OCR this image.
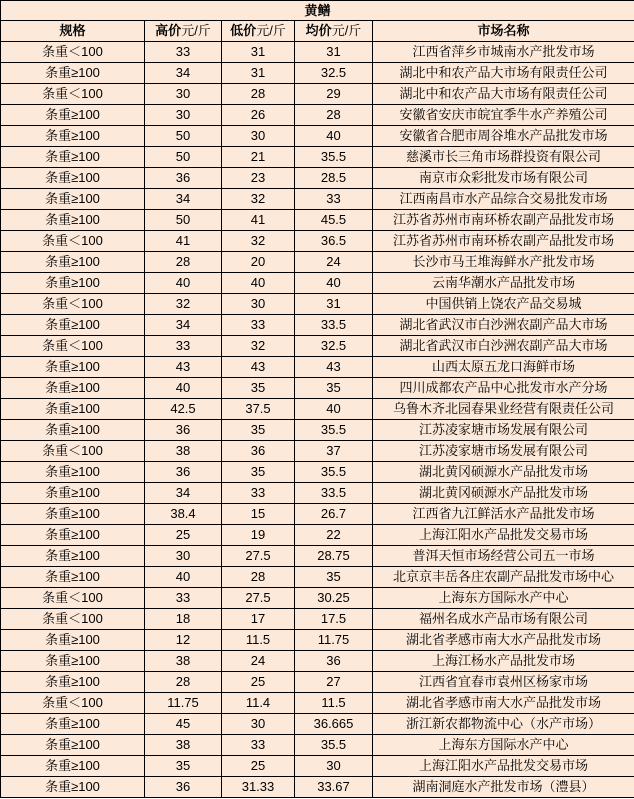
黄鳝				
规格	高价元/斤	低价元/斤	均价元/斤	市场名称
条重＜100	33	31	31	江西省萍乡市城南水产批发市场
条重≥100	34	31	32.5	湖北中和农产品大市场有限责任公司
条重＜100	30	28	29	湖北中和农产品大市场有限责任公司
条重≥100	30	26	28	安徽省安庆市皖宜季牛水产养殖公司
条重≥100	50	30	40	安徽省合肥市周谷堆水产品批发市场
条重≥100	50	21	35.5	慈溪市长三角市场群投资有限公司
条重≥100	36	23	28.5	南京市众彩批发市场有限公司
条重≥100	34	32	33	江西南昌市水产品综合交易批发市场
条重≥100	50	41	45.5	江苏省苏州市南环桥农副产品批发市场
条重＜100	41	32	36.5	江苏省苏州市南环桥农副产品批发市场
条重≥100	28	20	24	长沙市马王堆海鲜水产批发市场
条重≥100	40	40	40	云南华潮水产品批发市场
条重＜100	32	30	31	中国供销上饶农产品交易城
条重≥100	34	33	33.5	湖北省武汉市白沙洲农副产品大市场
条重＜100	33	32	32.5	湖北省武汉市白沙洲农副产品大市场
条重≥100	43	43	43	山西太原五龙口海鲜市场
条重≥100	40	35	35	四川成都农产品中心批发市水产分场
条重≥100	42.5	37.5	40	乌鲁木齐北园春果业经营有限责任公司
条重≥100	36	35	35.5	江苏凌家塘市场发展有限公司
条重＜100	38	36	37	江苏凌家塘市场发展有限公司
条重≥100	36	35	35.5	湖北黄冈硕源水产品批发市场
条重≥100	34	33	33.5	湖北黄冈硕源水产品批发市场
条重≥100	38.4	15	26.7	江西省九江鲜活水产品批发市场
条重≥100	25	19	22	上海江阳水产品批发交易市场
条重≥100	30	27.5	28.75	普洱天恒市场经营公司五一市场
条重≥100	40	28	35	北京京丰岳各庄农副产品批发市场中心
条重＜100	33	27.5	30.25	上海东方国际水产中心
条重＜100	18	17	17.5	福州名成水产品市场有限公司
条重≥100	12	11.5	11.75	湖北省孝感市南大水产品批发市场
条重≥100	38	24	36	上海江杨水产品批发市场
条重≥100	28	25	27	江西省宜春市袁州区杨家市场
条重＜100	11.75	11.4	11.5	湖北省孝感市南大水产品批发市场
条重≥100	45	30	36.665	浙江新农都物流中心（水产市场）
条重≥100	38	33	35.5	上海东方国际水产中心
条重≥100	35	25	30	上海江阳水产品批发交易市场
条重≥100	36	31.33	33.67	湖南洞庭水产批发市场（澧县）
